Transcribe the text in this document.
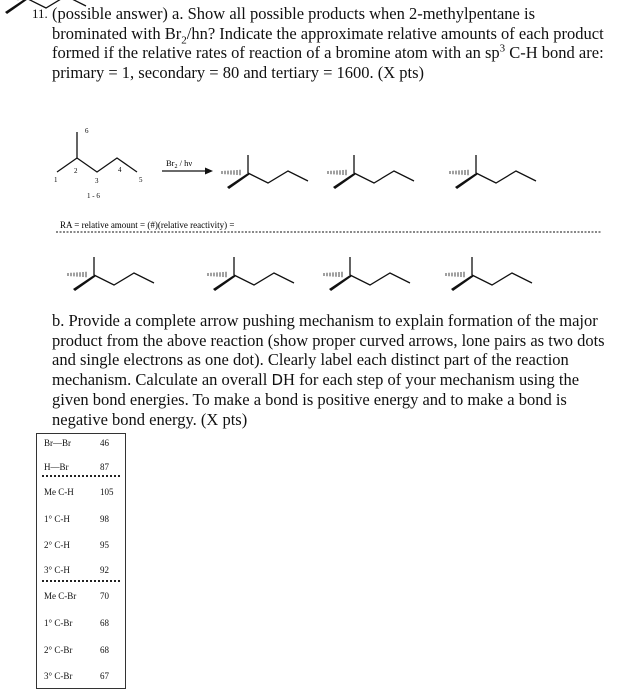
11. (possible answer) a. Show all possible products when 2-methylpentane is brominated with $Br_2/hn$? Indicate the approximate relative amounts of each product formed if the relative rates of reaction of a bromine atom with an $sp^3$ C-H bond are: primary = 1, secondary = 80 and tertiary = 1600. (X pts)

6
2
3
4
1	5
1 - 6
$Br_2$ / hν
RA = relative amount = (#)(relative reactivity) =

b. Provide a complete arrow pushing mechanism to explain formation of the major product from the above reaction (show proper curved arrows, lone pairs as two dots and single electrons as one dot). Clearly label each distinct part of the reaction mechanism. Calculate an overall DH for each step of your mechanism using the given bond energies. To make a bond is positive energy and to make a bond is negative bond energy. (X pts)

Br—Br	46
H—Br	87
Me C-H	105
1° C-H	98
2° C-H	95
3° C-H	92
Me C-Br	70
1° C-Br	68
2° C-Br	68
3° C-Br	67
